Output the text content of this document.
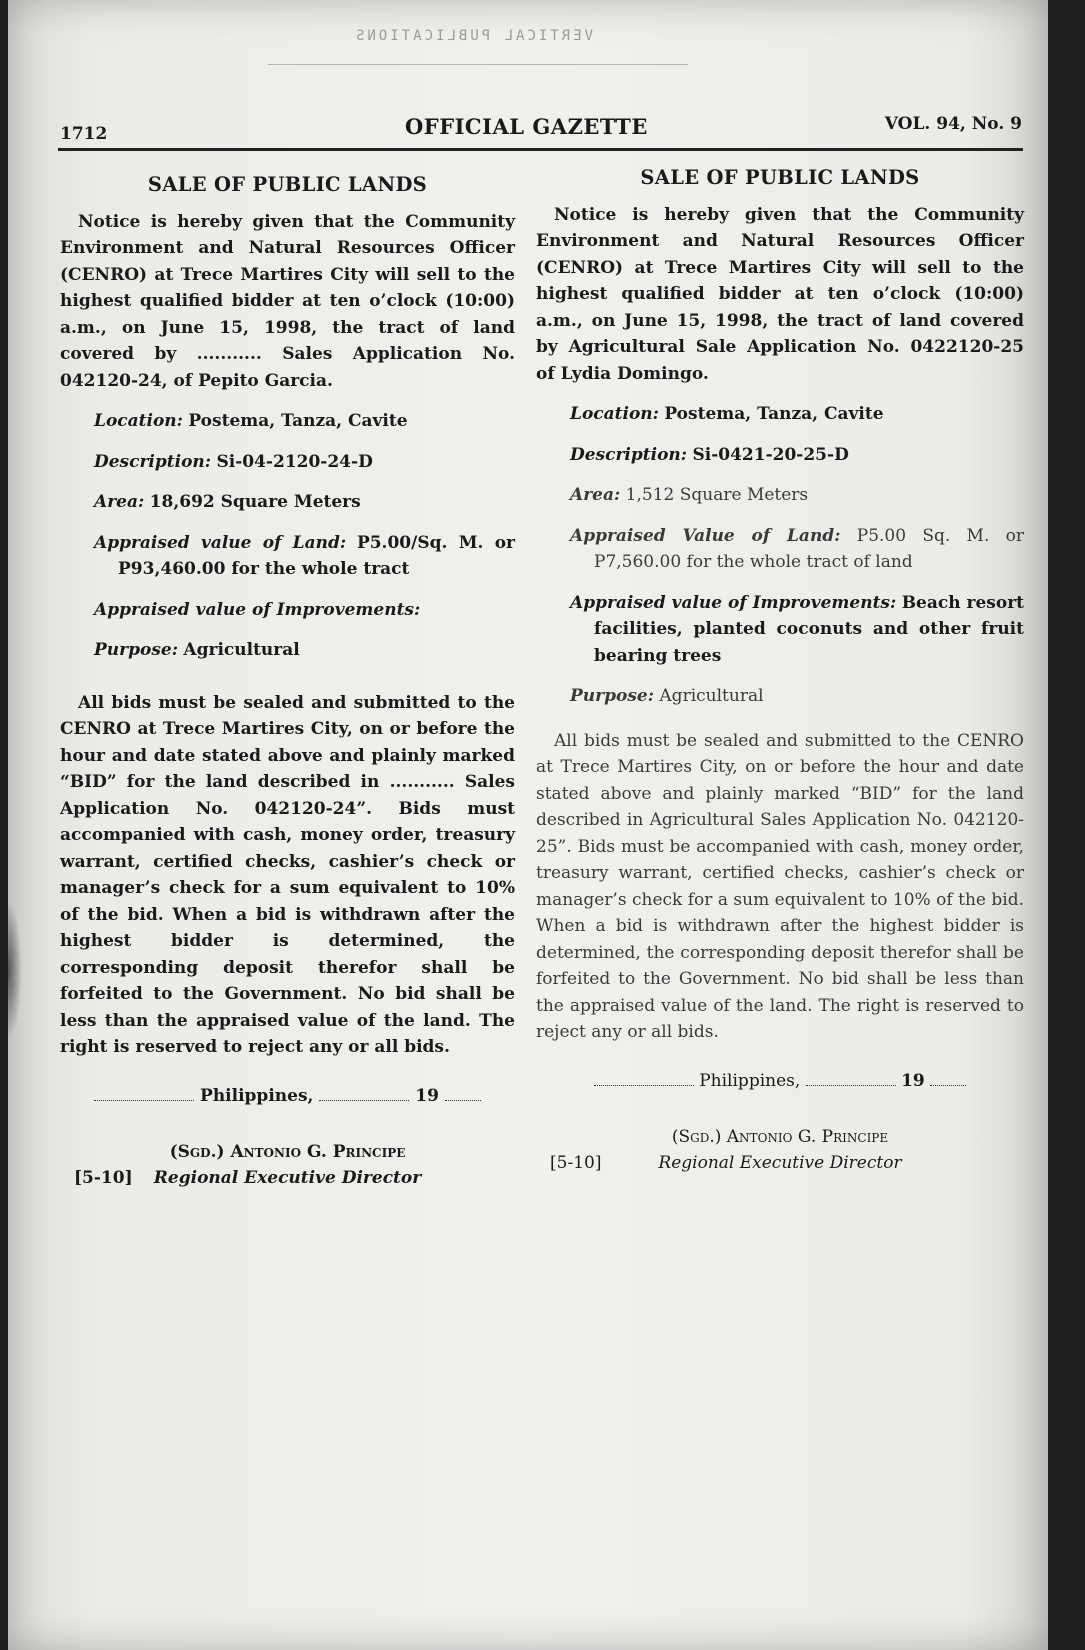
VERTICAL PUBLICATIONS
1712	OFFICIAL GAZETTE	VOL. 94, No. 9
SALE OF PUBLIC LANDS

Notice is hereby given that the Community Environment and Natural Resources Officer (CENRO) at Trece Martires City will sell to the highest qualified bidder at ten o’clock (10:00) a.m., on June 15, 1998, the tract of land covered by ........... Sales Application No. 042120-24, of Pepito Garcia.

Location: Postema, Tanza, Cavite
Description: Si-04-2120-24-D
Area: 18,692 Square Meters
Appraised value of Land: P5.00/Sq. M. or P93,460.00 for the whole tract
Appraised value of Improvements:
Purpose: Agricultural

All bids must be sealed and submitted to the CENRO at Trece Martires City, on or before the hour and date stated above and plainly marked “BID” for the land described in ........... Sales Application No. 042120-24”. Bids must accompanied with cash, money order, treasury warrant, certified checks, cashier’s check or manager’s check for a sum equivalent to 10% of the bid. When a bid is withdrawn after the highest bidder is determined, the corresponding deposit therefor shall be forfeited to the Government. No bid shall be less than the appraised value of the land. The right is reserved to reject any or all bids.

Philippines,	19
(Sgd.) Antonio G. Principe
[5-10] Regional Executive Director
SALE OF PUBLIC LANDS

Notice is hereby given that the Community Environment and Natural Resources Officer (CENRO) at Trece Martires City will sell to the highest qualified bidder at ten o’clock (10:00) a.m., on June 15, 1998, the tract of land covered by Agricultural Sale Application No. 0422120-25 of Lydia Domingo.

Location: Postema, Tanza, Cavite
Description: Si-0421-20-25-D
Area: 1,512 Square Meters
Appraised Value of Land: P5.00 Sq. M. or P7,560.00 for the whole tract of land
Appraised value of Improvements: Beach resort facilities, planted coconuts and other fruit bearing trees
Purpose: Agricultural

All bids must be sealed and submitted to the CENRO at Trece Martires City, on or before the hour and date stated above and plainly marked “BID” for the land described in Agricultural Sales Application No. 042120-25”. Bids must be accompanied with cash, money order, treasury warrant, certified checks, cashier’s check or manager’s check for a sum equivalent to 10% of the bid. When a bid is withdrawn after the highest bidder is determined, the corresponding deposit therefor shall be forfeited to the Government. No bid shall be less than the appraised value of the land. The right is reserved to reject any or all bids.

Philippines,	19
(Sgd.) Antonio G. Principe
[5-10]	Regional Executive Director
